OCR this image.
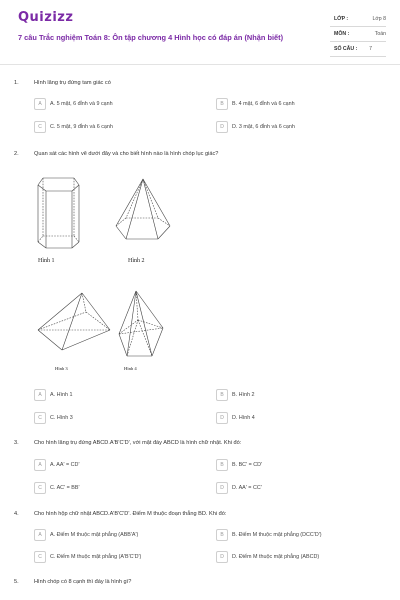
Quizizz
7 câu Trắc nghiệm Toán 8: Ôn tập chương 4 Hình học có đáp án (Nhận biết)
LỚP :	Lớp 8
MÔN :	Toán
SỐ CÂU : 7
1.	Hình lăng trụ đứng tam giác có
A	A. 5 mặt, 6 đỉnh và 9 cạnh	B	B. 4 mặt, 6 đỉnh và 6 cạnh
C	C. 5 mặt, 9 đỉnh và 6 cạnh	D	D. 3 mặt, 6 đỉnh và 6 cạnh
2.	Quan sát các hình vẽ dưới đây và cho biết hình nào là hình chóp lục giác?
Hình 1	Hình 2
Hình 3	Hình 4
A	A. Hình 1	B	B. Hình 2
C	C. Hình 3	D	D. Hình 4
3.	Cho hình lăng trụ đứng ABCD.A'B'C'D', với mặt đáy ABCD là hình chữ nhật. Khi đó:
A	A. AA' = CD'	B	B. BC' = CD'
C	C. AC' = BB'	D	D. AA' = CC'
4.	Cho hình hộp chữ nhật ABCD.A'B'C'D'. Điểm M thuộc đoạn thẳng BD. Khi đó:
A	A. Điểm M thuộc mặt phẳng (ABB'A')	B	B. Điểm M thuộc mặt phẳng (DCC'D')
C	C. Điểm M thuộc mặt phẳng (A'B'C'D')	D	D. Điểm M thuộc mặt phẳng (ABCD)
5.	Hình chóp có 8 cạnh thì đáy là hình gì?
